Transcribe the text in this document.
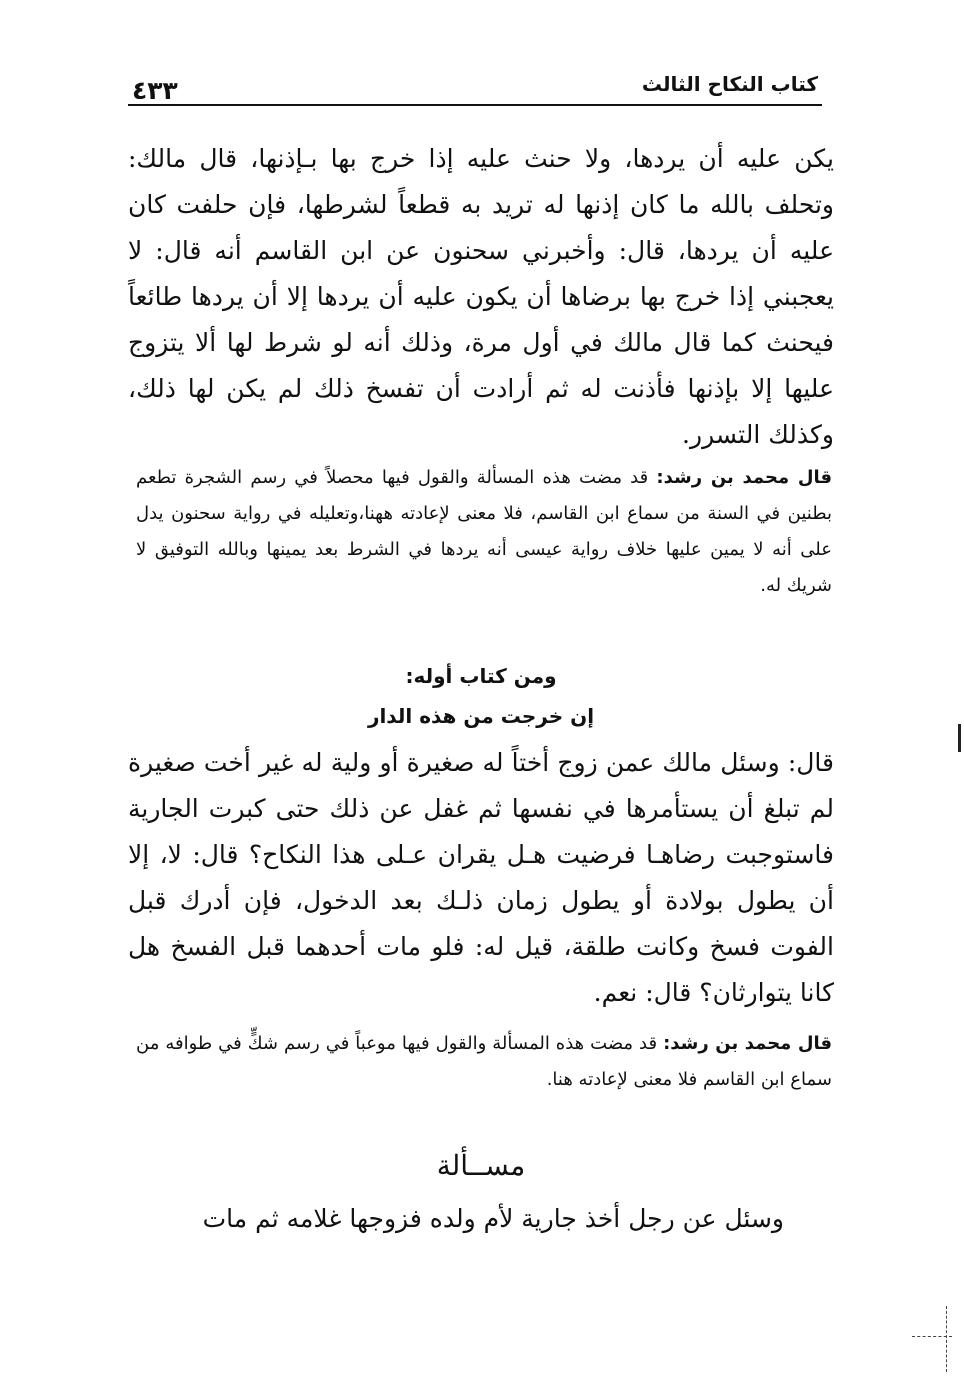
٤٣٣	كتاب النكاح الثالث

يكن عليه أن يردها، ولا حنث عليه إذا خرج بها بـإذنها، قال مالك: وتحلف بالله ما كان إذنها له تريد به قطعاً لشرطها، فإن حلفت كان عليه أن يردها، قال: وأخبرني سحنون عن ابن القاسم أنه قال: لا يعجبني إذا خرج بها برضاها أن يكون عليه أن يردها إلا أن يردها طائعاً فيحنث كما قال مالك في أول مرة، وذلك أنه لو شرط لها ألا يتزوج عليها إلا بإذنها فأذنت له ثم أرادت أن تفسخ ذلك لم يكن لها ذلك، وكذلك التسرر.

قال محمد بن رشد: قد مضت هذه المسألة والقول فيها محصلاً في رسم الشجرة تطعم بطنين في السنة من سماع ابن القاسم، فلا معنى لإعادته ههنا،وتعليله في رواية سحنون يدل على أنه لا يمين عليها خلاف رواية عيسى أنه يردها في الشرط بعد يمينها وبالله التوفيق لا شريك له.

ومن كتاب أوله:

إن خرجت من هذه الدار

قال: وسئل مالك عمن زوج أختاً له صغيرة أو ولية له غير أخت صغيرة لم تبلغ أن يستأمرها في نفسها ثم غفل عن ذلك حتى كبرت الجارية فاستوجبت رضاهـا فرضيت هـل يقران عـلى هذا النكاح؟ قال: لا، إلا أن يطول بولادة أو يطول زمان ذلـك بعد الدخول، فإن أدرك قبل الفوت فسخ وكانت طلقة، قيل له: فلو مات أحدهما قبل الفسخ هل كانا يتوارثان؟ قال: نعم.

قال محمد بن رشد: قد مضت هذه المسألة والقول فيها موعباً في رسم شكٍّ في طوافه من سماع ابن القاسم فلا معنى لإعادته هنا.

مســألة

وسئل عن رجل أخذ جارية لأم ولده فزوجها غلامه ثم مات
